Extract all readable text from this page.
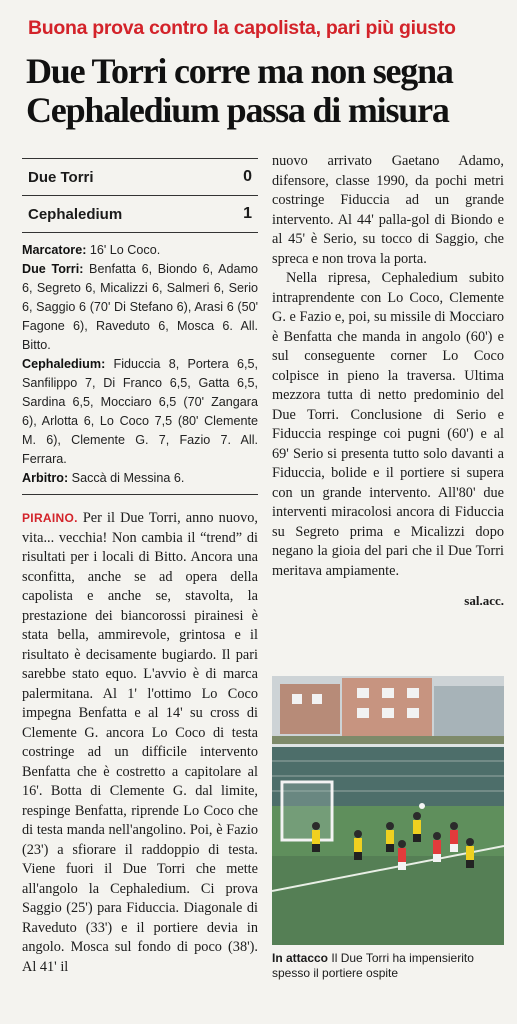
Buona prova contro la capolista, pari più giusto
Due Torri corre ma non segna
Cephaledium passa di misura
Due Torri	0
Cephaledium	1

Marcatore: 16' Lo Coco.

Due Torri: Benfatta 6, Biondo 6, Adamo 6, Segreto 6, Micalizzi 6, Salmeri 6, Serio 6, Saggio 6 (70' Di Stefano 6), Arasi 6 (50' Fagone 6), Raveduto 6, Mosca 6. All. Bitto.

Cephaledium: Fiduccia 8, Portera 6,5, Sanfilippo 7, Di Franco 6,5, Gatta 6,5, Sardina 6,5, Mocciaro 6,5 (70' Zangara 6), Arlotta 6, Lo Coco 7,5 (80' Clemente M. 6), Clemente G. 7, Fazio 7. All. Ferrara.

Arbitro: Saccà di Messina 6.

PIRAINO. Per il Due Torri, anno nuovo, vita... vecchia! Non cambia il “trend” di risultati per i locali di Bitto. Ancora una sconfitta, anche se ad opera della capolista e anche se, stavolta, la prestazione dei biancorossi pirainesi è stata bella, ammirevole, grintosa e il risultato è decisamente bugiardo. Il pari sarebbe stato equo. L'avvio è di marca palermitana. Al 1' l'ottimo Lo Coco impegna Benfatta e al 14' su cross di Clemente G. ancora Lo Coco di testa costringe ad un difficile intervento Benfatta che è costretto a capitolare al 16'. Botta di Clemente G. dal limite, respinge Benfatta, riprende Lo Coco che di testa manda nell'angolino. Poi, è Fazio (23') a sfiorare il raddoppio di testa. Viene fuori il Due Torri che mette all'angolo la Cephaledium. Ci prova Saggio (25') para Fiduccia. Diagonale di Raveduto (33') e il portiere devia in angolo. Mosca sul fondo di poco (38'). Al 41' il

nuovo arrivato Gaetano Adamo, difensore, classe 1990, da pochi metri costringe Fiduccia ad un grande intervento. Al 44' palla-gol di Biondo e al 45' è Serio, su tocco di Saggio, che spreca e non trova la porta.

Nella ripresa, Cephaledium subito intraprendente con Lo Coco, Clemente G. e Fazio e, poi, su missile di Mocciaro è Benfatta che manda in angolo (60') e sul conseguente corner Lo Coco colpisce in pieno la traversa. Ultima mezzora tutta di netto predominio del Due Torri. Conclusione di Serio e Fiduccia respinge coi pugni (60') e al 69' Serio si presenta tutto solo davanti a Fiduccia, bolide e il portiere si supera con un grande intervento. All'80' due interventi miracolosi ancora di Fiduccia su Segreto prima e Micalizzi dopo negano la gioia del pari che il Due Torri meritava ampiamente.

sal.acc.
In attacco Il Due Torri ha impensierito spesso il portiere ospite
